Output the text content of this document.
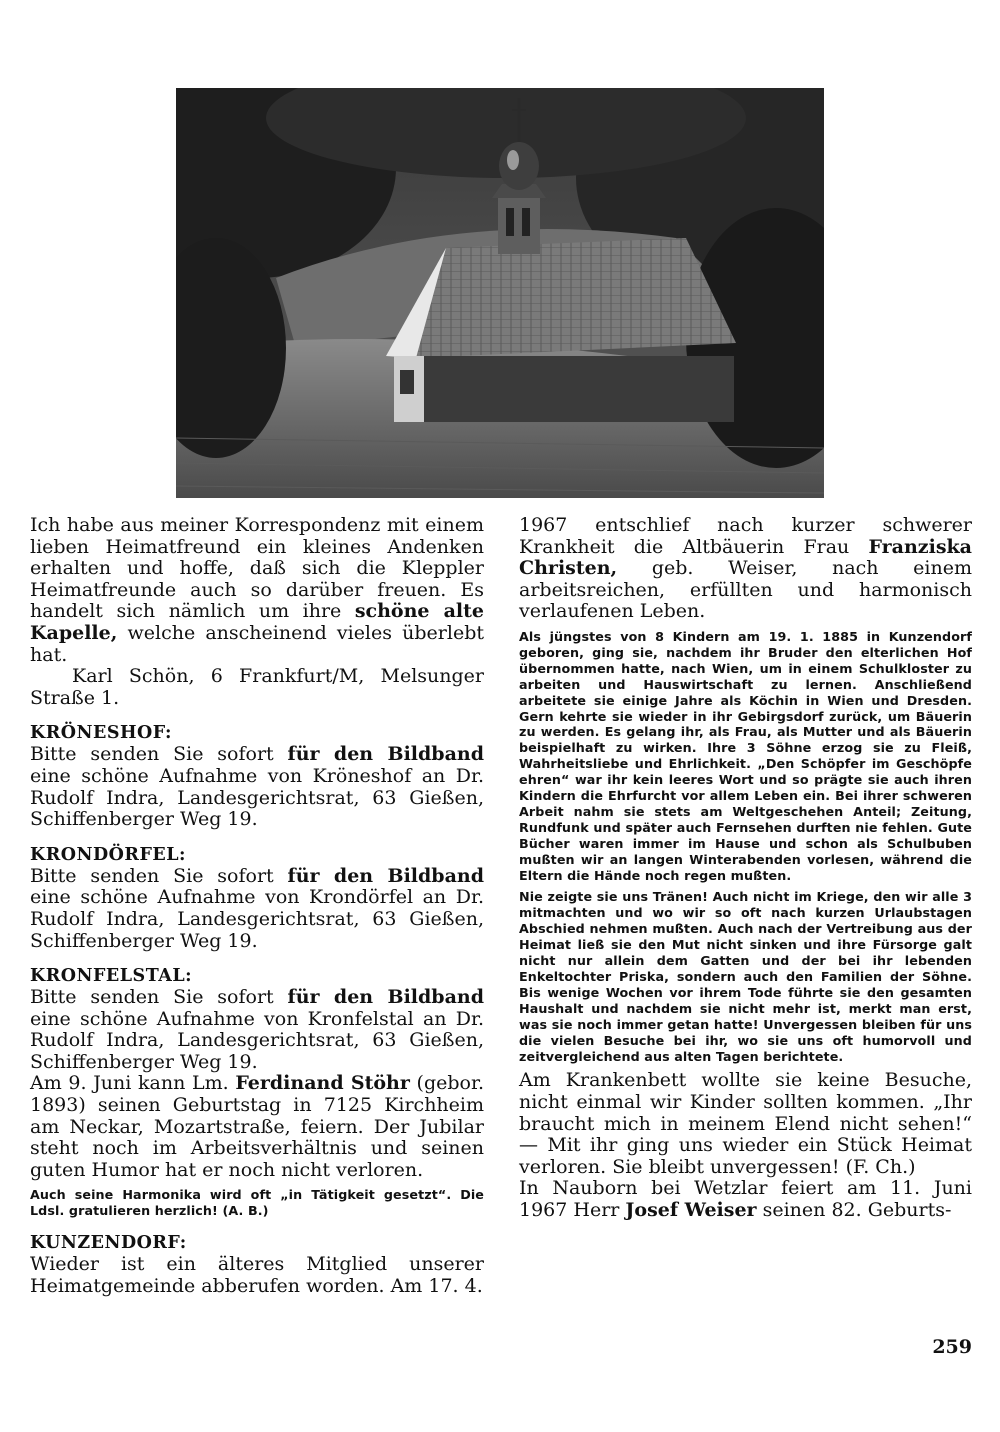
Ich habe aus meiner Korrespondenz mit einem lieben Heimatfreund ein kleines Andenken erhalten und hoffe, daß sich die Kleppler Heimatfreunde auch so darüber freuen. Es handelt sich nämlich um ihre schöne alte Kapelle, welche anscheinend vieles überlebt hat.

Karl Schön, 6 Frankfurt/M, Melsunger Straße 1.

KRÖNESHOF:

Bitte senden Sie sofort für den Bildband eine schöne Aufnahme von Kröneshof an Dr. Rudolf Indra, Landesgerichtsrat, 63 Gießen, Schiffenberger Weg 19.

KRONDÖRFEL:

Bitte senden Sie sofort für den Bildband eine schöne Aufnahme von Krondörfel an Dr. Rudolf Indra, Landesgerichtsrat, 63 Gießen, Schiffenberger Weg 19.

KRONFELSTAL:

Bitte senden Sie sofort für den Bildband eine schöne Aufnahme von Kronfelstal an Dr. Rudolf Indra, Landesgerichtsrat, 63 Gießen, Schiffenberger Weg 19.

Am 9. Juni kann Lm. Ferdinand Stöhr (gebor. 1893) seinen Geburtstag in 7125 Kirchheim am Neckar, Mozartstraße, feiern. Der Jubilar steht noch im Arbeitsverhältnis und seinen guten Humor hat er noch nicht verloren.

Auch seine Harmonika wird oft „in Tätigkeit gesetzt“. Die Ldsl. gratulieren herzlich! (A. B.)

KUNZENDORF:

Wieder ist ein älteres Mitglied unserer Heimatgemeinde abberufen worden. Am 17. 4.

1967 entschlief nach kurzer schwerer Krankheit die Altbäuerin Frau Franziska Christen, geb. Weiser, nach einem arbeitsreichen, erfüllten und harmonisch verlaufenen Leben.

Als jüngstes von 8 Kindern am 19. 1. 1885 in Kunzendorf geboren, ging sie, nachdem ihr Bruder den elterlichen Hof übernommen hatte, nach Wien, um in einem Schulkloster zu arbeiten und Hauswirtschaft zu lernen. Anschließend arbeitete sie einige Jahre als Köchin in Wien und Dresden. Gern kehrte sie wieder in ihr Gebirgsdorf zurück, um Bäuerin zu werden. Es gelang ihr, als Frau, als Mutter und als Bäuerin beispielhaft zu wirken. Ihre 3 Söhne erzog sie zu Fleiß, Wahrheitsliebe und Ehrlichkeit. „Den Schöpfer im Geschöpfe ehren“ war ihr kein leeres Wort und so prägte sie auch ihren Kindern die Ehrfurcht vor allem Leben ein. Bei ihrer schweren Arbeit nahm sie stets am Weltgeschehen Anteil; Zeitung, Rundfunk und später auch Fernsehen durften nie fehlen. Gute Bücher waren immer im Hause und schon als Schulbuben mußten wir an langen Winterabenden vorlesen, während die Eltern die Hände noch regen mußten.

Nie zeigte sie uns Tränen! Auch nicht im Kriege, den wir alle 3 mitmachten und wo wir so oft nach kurzen Urlaubstagen Abschied nehmen mußten. Auch nach der Vertreibung aus der Heimat ließ sie den Mut nicht sinken und ihre Fürsorge galt nicht nur allein dem Gatten und der bei ihr lebenden Enkeltochter Priska, sondern auch den Familien der Söhne. Bis wenige Wochen vor ihrem Tode führte sie den gesamten Haushalt und nachdem sie nicht mehr ist, merkt man erst, was sie noch immer getan hatte! Unvergessen bleiben für uns die vielen Besuche bei ihr, wo sie uns oft humorvoll und zeitvergleichend aus alten Tagen berichtete.

Am Krankenbett wollte sie keine Besuche, nicht einmal wir Kinder sollten kommen. „Ihr braucht mich in meinem Elend nicht sehen!“ — Mit ihr ging uns wieder ein Stück Heimat verloren. Sie bleibt unvergessen! (F. Ch.)

In Nauborn bei Wetzlar feiert am 11. Juni 1967 Herr Josef Weiser seinen 82. Geburts-

259
